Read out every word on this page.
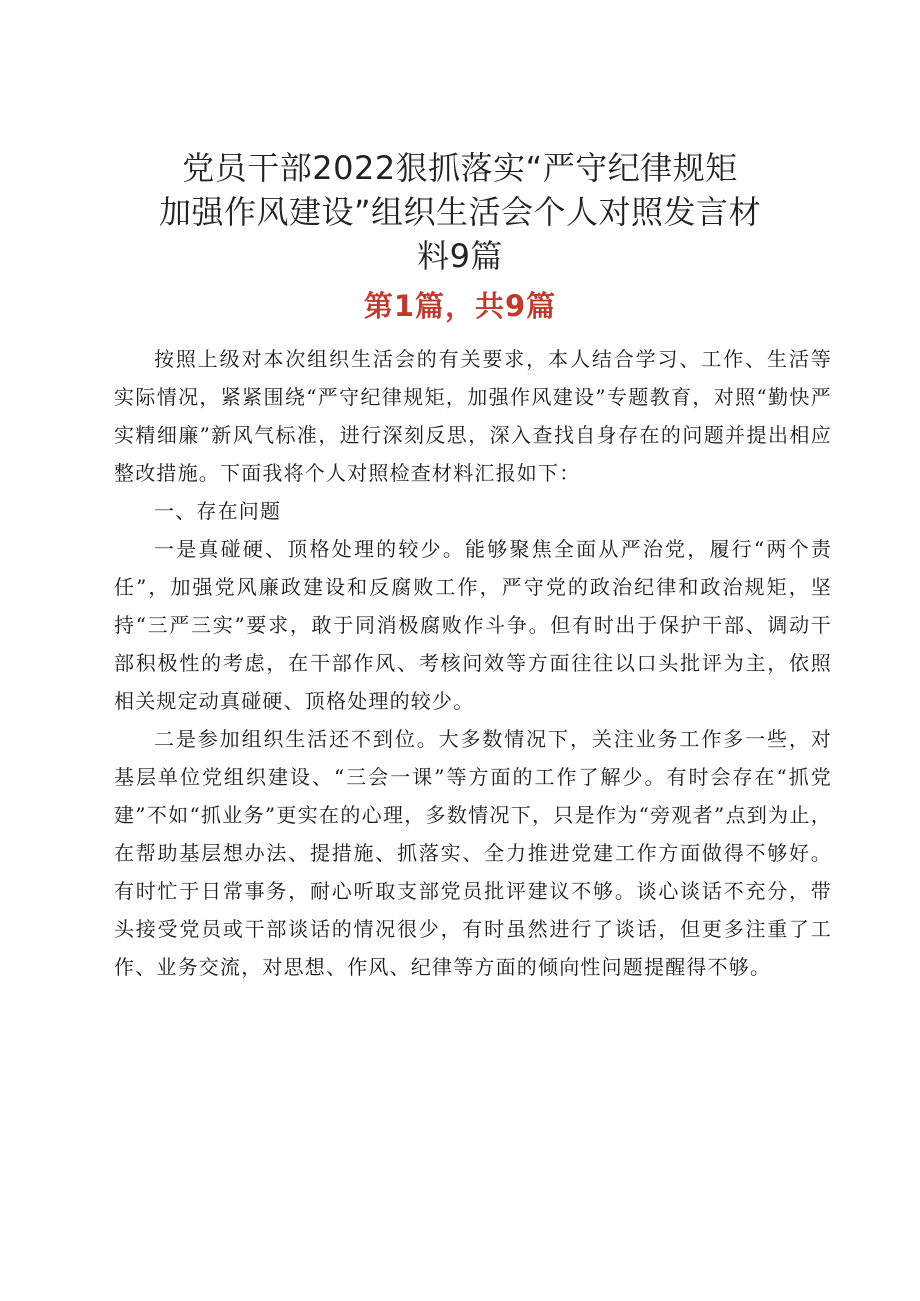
党员干部2022狠抓落实“严守纪律规矩
加强作风建设”组织生活会个人对照发言材
料9篇
第1篇，共9篇

按照上级对本次组织生活会的有关要求，本人结合学习、工作、生活等实际情况，紧紧围绕“严守纪律规矩，加强作风建设”专题教育，对照“勤快严实精细廉”新风气标准，进行深刻反思，深入查找自身存在的问题并提出相应整改措施。下面我将个人对照检查材料汇报如下：

一、存在问题

一是真碰硬、顶格处理的较少。能够聚焦全面从严治党，履行“两个责任”，加强党风廉政建设和反腐败工作，严守党的政治纪律和政治规矩，坚持“三严三实”要求，敢于同消极腐败作斗争。但有时出于保护干部、调动干部积极性的考虑，在干部作风、考核问效等方面往往以口头批评为主，依照相关规定动真碰硬、顶格处理的较少。

二是参加组织生活还不到位。大多数情况下，关注业务工作多一些，对基层单位党组织建设、“三会一课”等方面的工作了解少。有时会存在“抓党建”不如“抓业务”更实在的心理，多数情况下，只是作为“旁观者”点到为止，在帮助基层想办法、提措施、抓落实、全力推进党建工作方面做得不够好。有时忙于日常事务，耐心听取支部党员批评建议不够。谈心谈话不充分，带头接受党员或干部谈话的情况很少，有时虽然进行了谈话，但更多注重了工作、业务交流，对思想、作风、纪律等方面的倾向性问题提醒得不够。
